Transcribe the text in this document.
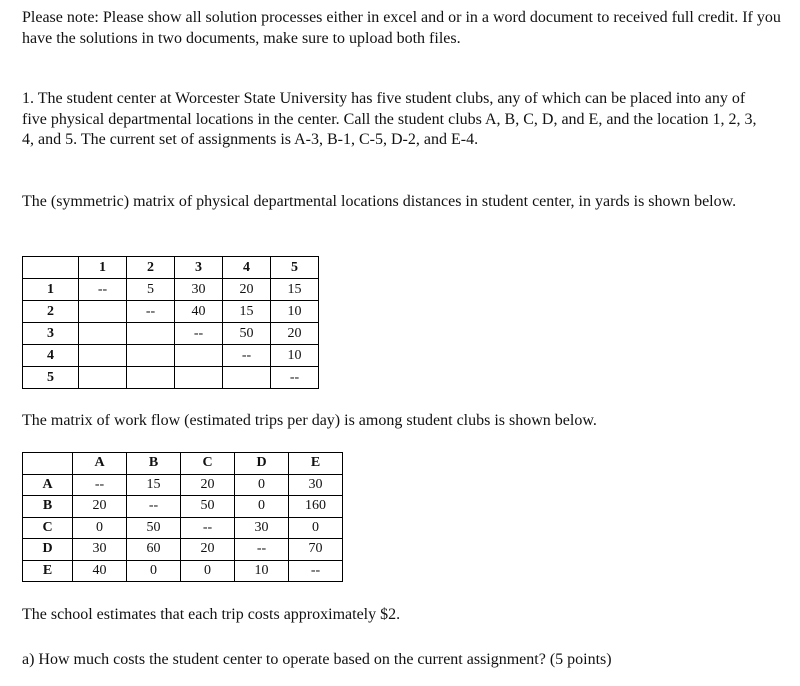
Please note: Please show all solution processes either in excel and or in a word document to received full credit. If you have the solutions in two documents, make sure to upload both files.

1. The student center at Worcester State University has five student clubs, any of which can be placed into any of five physical departmental locations in the center. Call the student clubs A, B, C, D, and E, and the location 1, 2, 3, 4, and 5. The current set of assignments is A-3, B-1, C-5, D-2, and E-4.

The (symmetric) matrix of physical departmental locations distances in student center, in yards is shown below.

	1	2	3	4	5
1	--	5	30	20	15
2		--	40	15	10
3			--	50	20
4				--	10
5					--

The matrix of work flow (estimated trips per day) is among student clubs is shown below.

	A	B	C	D	E
A	--	15	20	0	30
B	20	--	50	0	160
C	0	50	--	30	0
D	30	60	20	--	70
E	40	0	0	10	--

The school estimates that each trip costs approximately $2.

a) How much costs the student center to operate based on the current assignment? (5 points)
